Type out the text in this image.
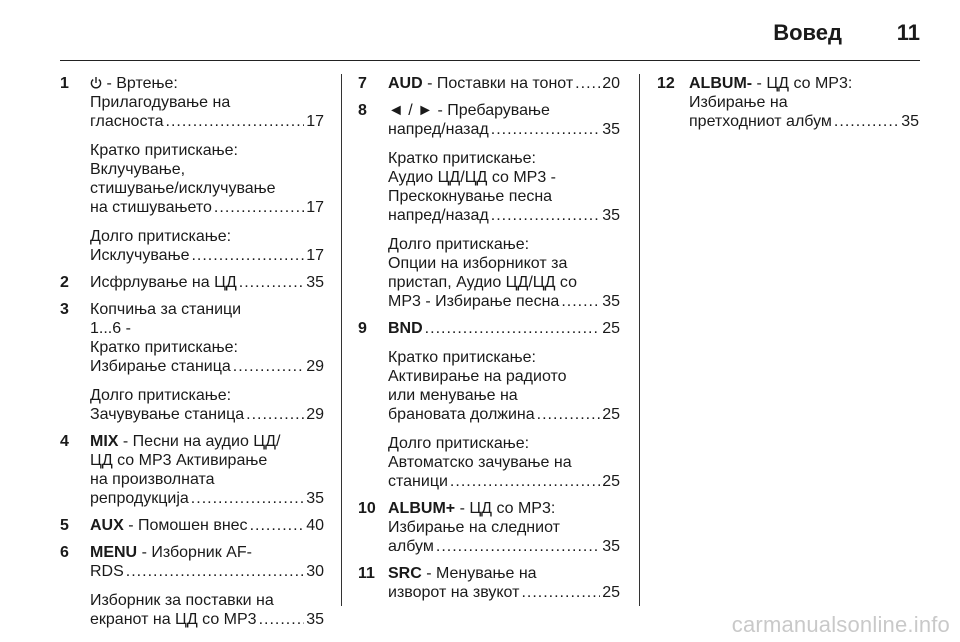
Вовед 11
1	- Вртење:
Прилагодување на
гласноста .....	17
Кратко притискање:
Вклучување,
стишување/исклучување
на стишувањето .....	17
Долго притискање:
Исклучување .....	17
2 Исфрлување на ЦД .....	35
3 Копчиња за станици
1...6 -
Кратко притискање:
Избирање станица .....	29
Долго притискање:
Зачувување станица .....	29
4 MIX - Песни на аудио ЦД/
ЦД со MP3 Активирање
на произволната
репродукција .....	35
5 AUX - Помошен внес .....	40
6 MENU - Изборник AF-
RDS .....	30
Изборник за поставки на
екранот на ЦД со MP3 .....	35
7 AUD - Поставки на тонот ..... 20
8 ◄ / ► - Пребарување
напред/назад .....	35
Кратко притискање:
Аудио ЦД/ЦД со MP3 -
Прескокнување песна
напред/назад .....	35
Долго притискање:
Опции на изборникот за
пристап, Аудио ЦД/ЦД со
MP3 - Избирање песна .....	35
9 BND .....	25
Кратко притискање:
Активирање на радиото
или менување на
брановата должина .....	25
Долго притискање:
Автоматско зачување на
станици .....	25
10 ALBUM+ - ЦД со MP3:
Избирање на следниот
албум .....	35
11 SRC - Менување на
изворот на звукот .....	25
12 ALBUM- - ЦД со MP3:
Избирање на
претходниот албум .....	35
carmanualsonline.info
